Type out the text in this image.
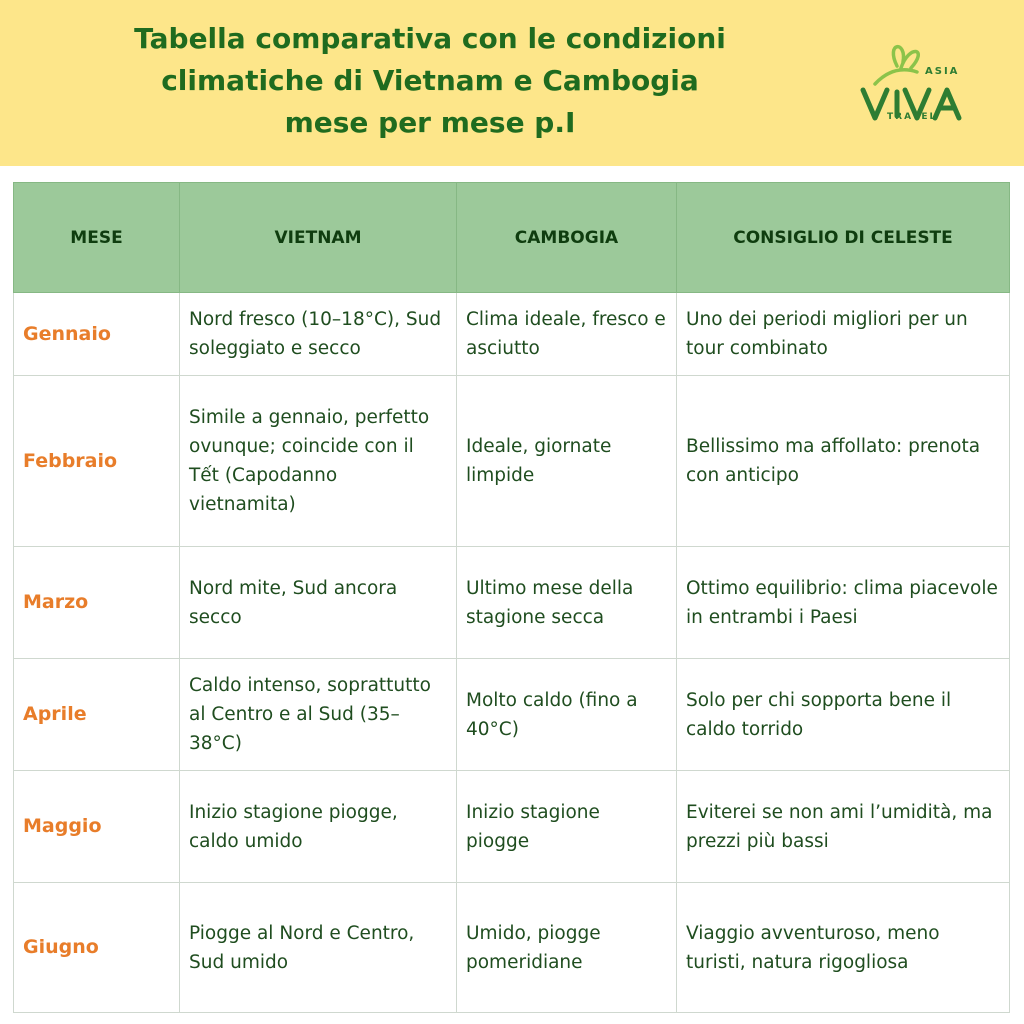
Tabella comparativa con le condizioni
climatiche di Vietnam e Cambogia
mese per mese p.I
ASIA
TRAVEL
MESE	VIETNAM	CAMBOGIA	CONSIGLIO DI CELESTE
Gennaio	Nord fresco (10–18°C), Sud soleggiato e secco	Clima ideale, fresco e asciutto	Uno dei periodi migliori per un tour combinato
Febbraio	Simile a gennaio, perfetto ovunque; coincide con il Tết (Capodanno vietnamita)	Ideale, giornate limpide	Bellissimo ma affollato: prenota con anticipo
Marzo	Nord mite, Sud ancora secco	Ultimo mese della stagione secca	Ottimo equilibrio: clima piacevole in entrambi i Paesi
Aprile	Caldo intenso, soprattutto al Centro e al Sud (35–38°C)	Molto caldo (fino a 40°C)	Solo per chi sopporta bene il caldo torrido
Maggio	Inizio stagione piogge, caldo umido	Inizio stagione piogge	Eviterei se non ami l’umidità, ma prezzi più bassi
Giugno	Piogge al Nord e Centro, Sud umido	Umido, piogge pomeridiane	Viaggio avventuroso, meno turisti, natura rigogliosa
